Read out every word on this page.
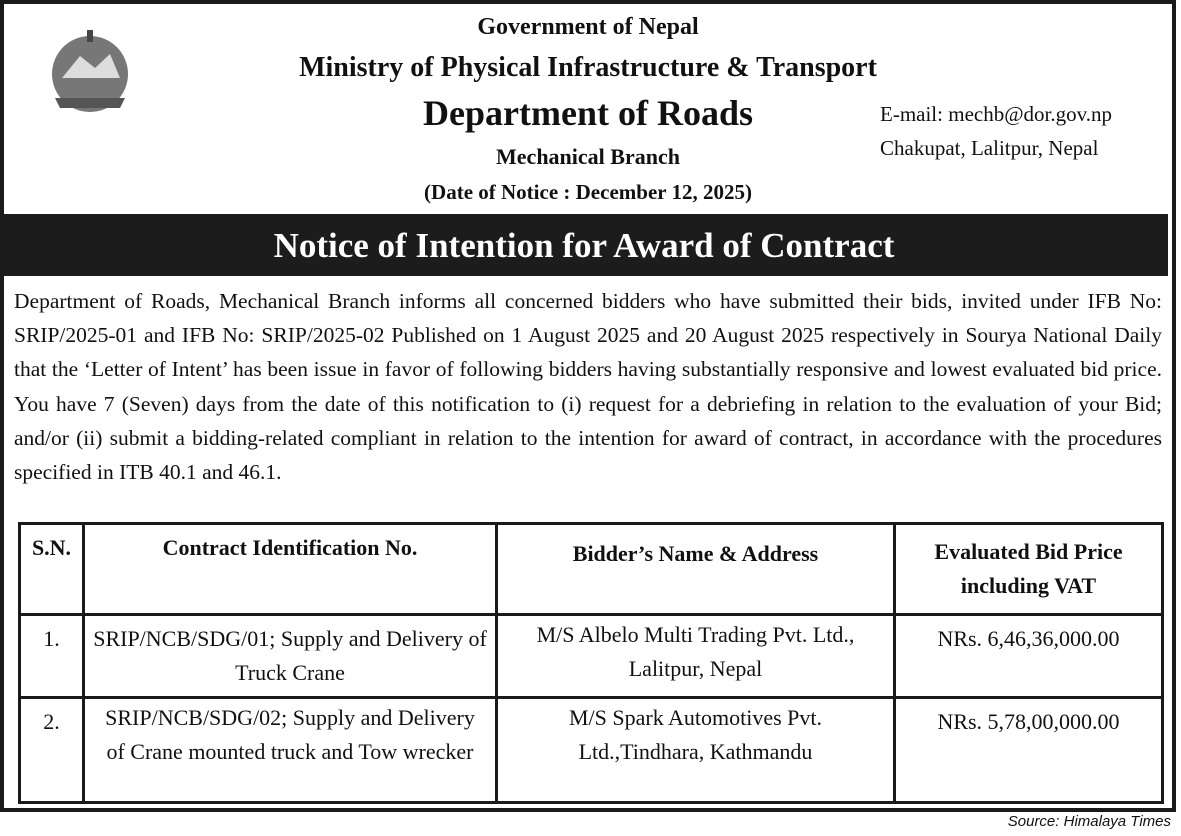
Government of Nepal
Ministry of Physical Infrastructure & Transport
Department of Roads
Mechanical Branch
(Date of Notice : December 12, 2025)
E-mail: mechb@dor.gov.np
Chakupat, Lalitpur, Nepal
Notice of Intention for Award of Contract

Department of Roads, Mechanical Branch informs all concerned bidders who have submitted their bids, invited under IFB No: SRIP/2025-01 and IFB No: SRIP/2025-02 Published on 1 August 2025 and 20 August 2025 respectively in Sourya National Daily that the ‘Letter of Intent’ has been issue in favor of following bidders having substantially responsive and lowest evaluated bid price. You have 7 (Seven) days from the date of this notification to (i) request for a debriefing in relation to the evaluation of your Bid; and/or (ii) submit a bidding-related compliant in relation to the intention for award of contract, in accordance with the procedures specified in ITB 40.1 and 46.1.

S.N.	Contract Identification No.	Bidder’s Name & Address	Evaluated Bid Price including VAT
1.	SRIP/NCB/SDG/01; Supply and Delivery of Truck Crane	M/S Albelo Multi Trading Pvt. Ltd., Lalitpur, Nepal	NRs. 6,46,36,000.00
2.	SRIP/NCB/SDG/02; Supply and Delivery of Crane mounted truck and Tow wrecker	M/S Spark Automotives Pvt. Ltd.,Tindhara, Kathmandu	NRs. 5,78,00,000.00
Source: Himalaya Times
